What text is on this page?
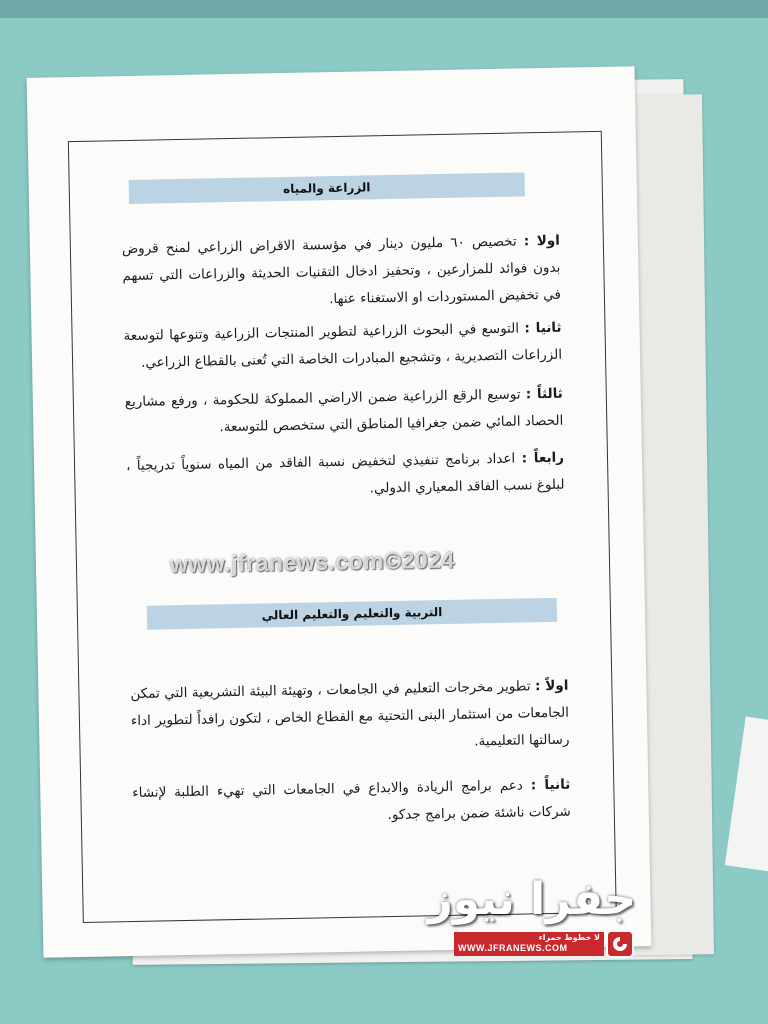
الزراعة والمياه

اولا : تخصيص ٦٠ مليون دينار في مؤسسة الاقراض الزراعي لمنح قروض بدون فوائد للمزارعين ، وتحفيز ادخال التقنيات الحديثة والزراعات التي تسهم في تخفيض المستوردات او الاستغناء عنها.

ثانيا : التوسع في البحوث الزراعية لتطوير المنتجات الزراعية وتنوعها لتوسعة الزراعات التصديرية ، وتشجيع المبادرات الخاصة التي تُعنى بالقطاع الزراعي.

ثالثاً : توسيع الرقع الزراعية ضمن الاراضي المملوكة للحكومة ، ورفع مشاريع الحصاد المائي ضمن جغرافيا المناطق التي ستخصص للتوسعة.

رابعاً : اعداد برنامج تنفيذي لتخفيض نسبة الفاقد من المياه سنوياً تدريجياً ، لبلوغ نسب الفاقد المعياري الدولي.

التربية والتعليم والتعليم العالي

اولاً : تطوير مخرجات التعليم في الجامعات ، وتهيئة البيئة التشريعية التي تمكن الجامعات من استثمار البنى التحتية مع القطاع الخاص ، لتكون رافداً لتطوير اداء رسالتها التعليمية.

ثانياً : دعم برامج الريادة والابداع في الجامعات التي تهيء الطلبة لإنشاء شركات ناشئة ضمن برامج جدكو.

www.jfranews.com©2024
جفرا نيوز
لا خطوط حمراء
WWW.JFRANEWS.COM
